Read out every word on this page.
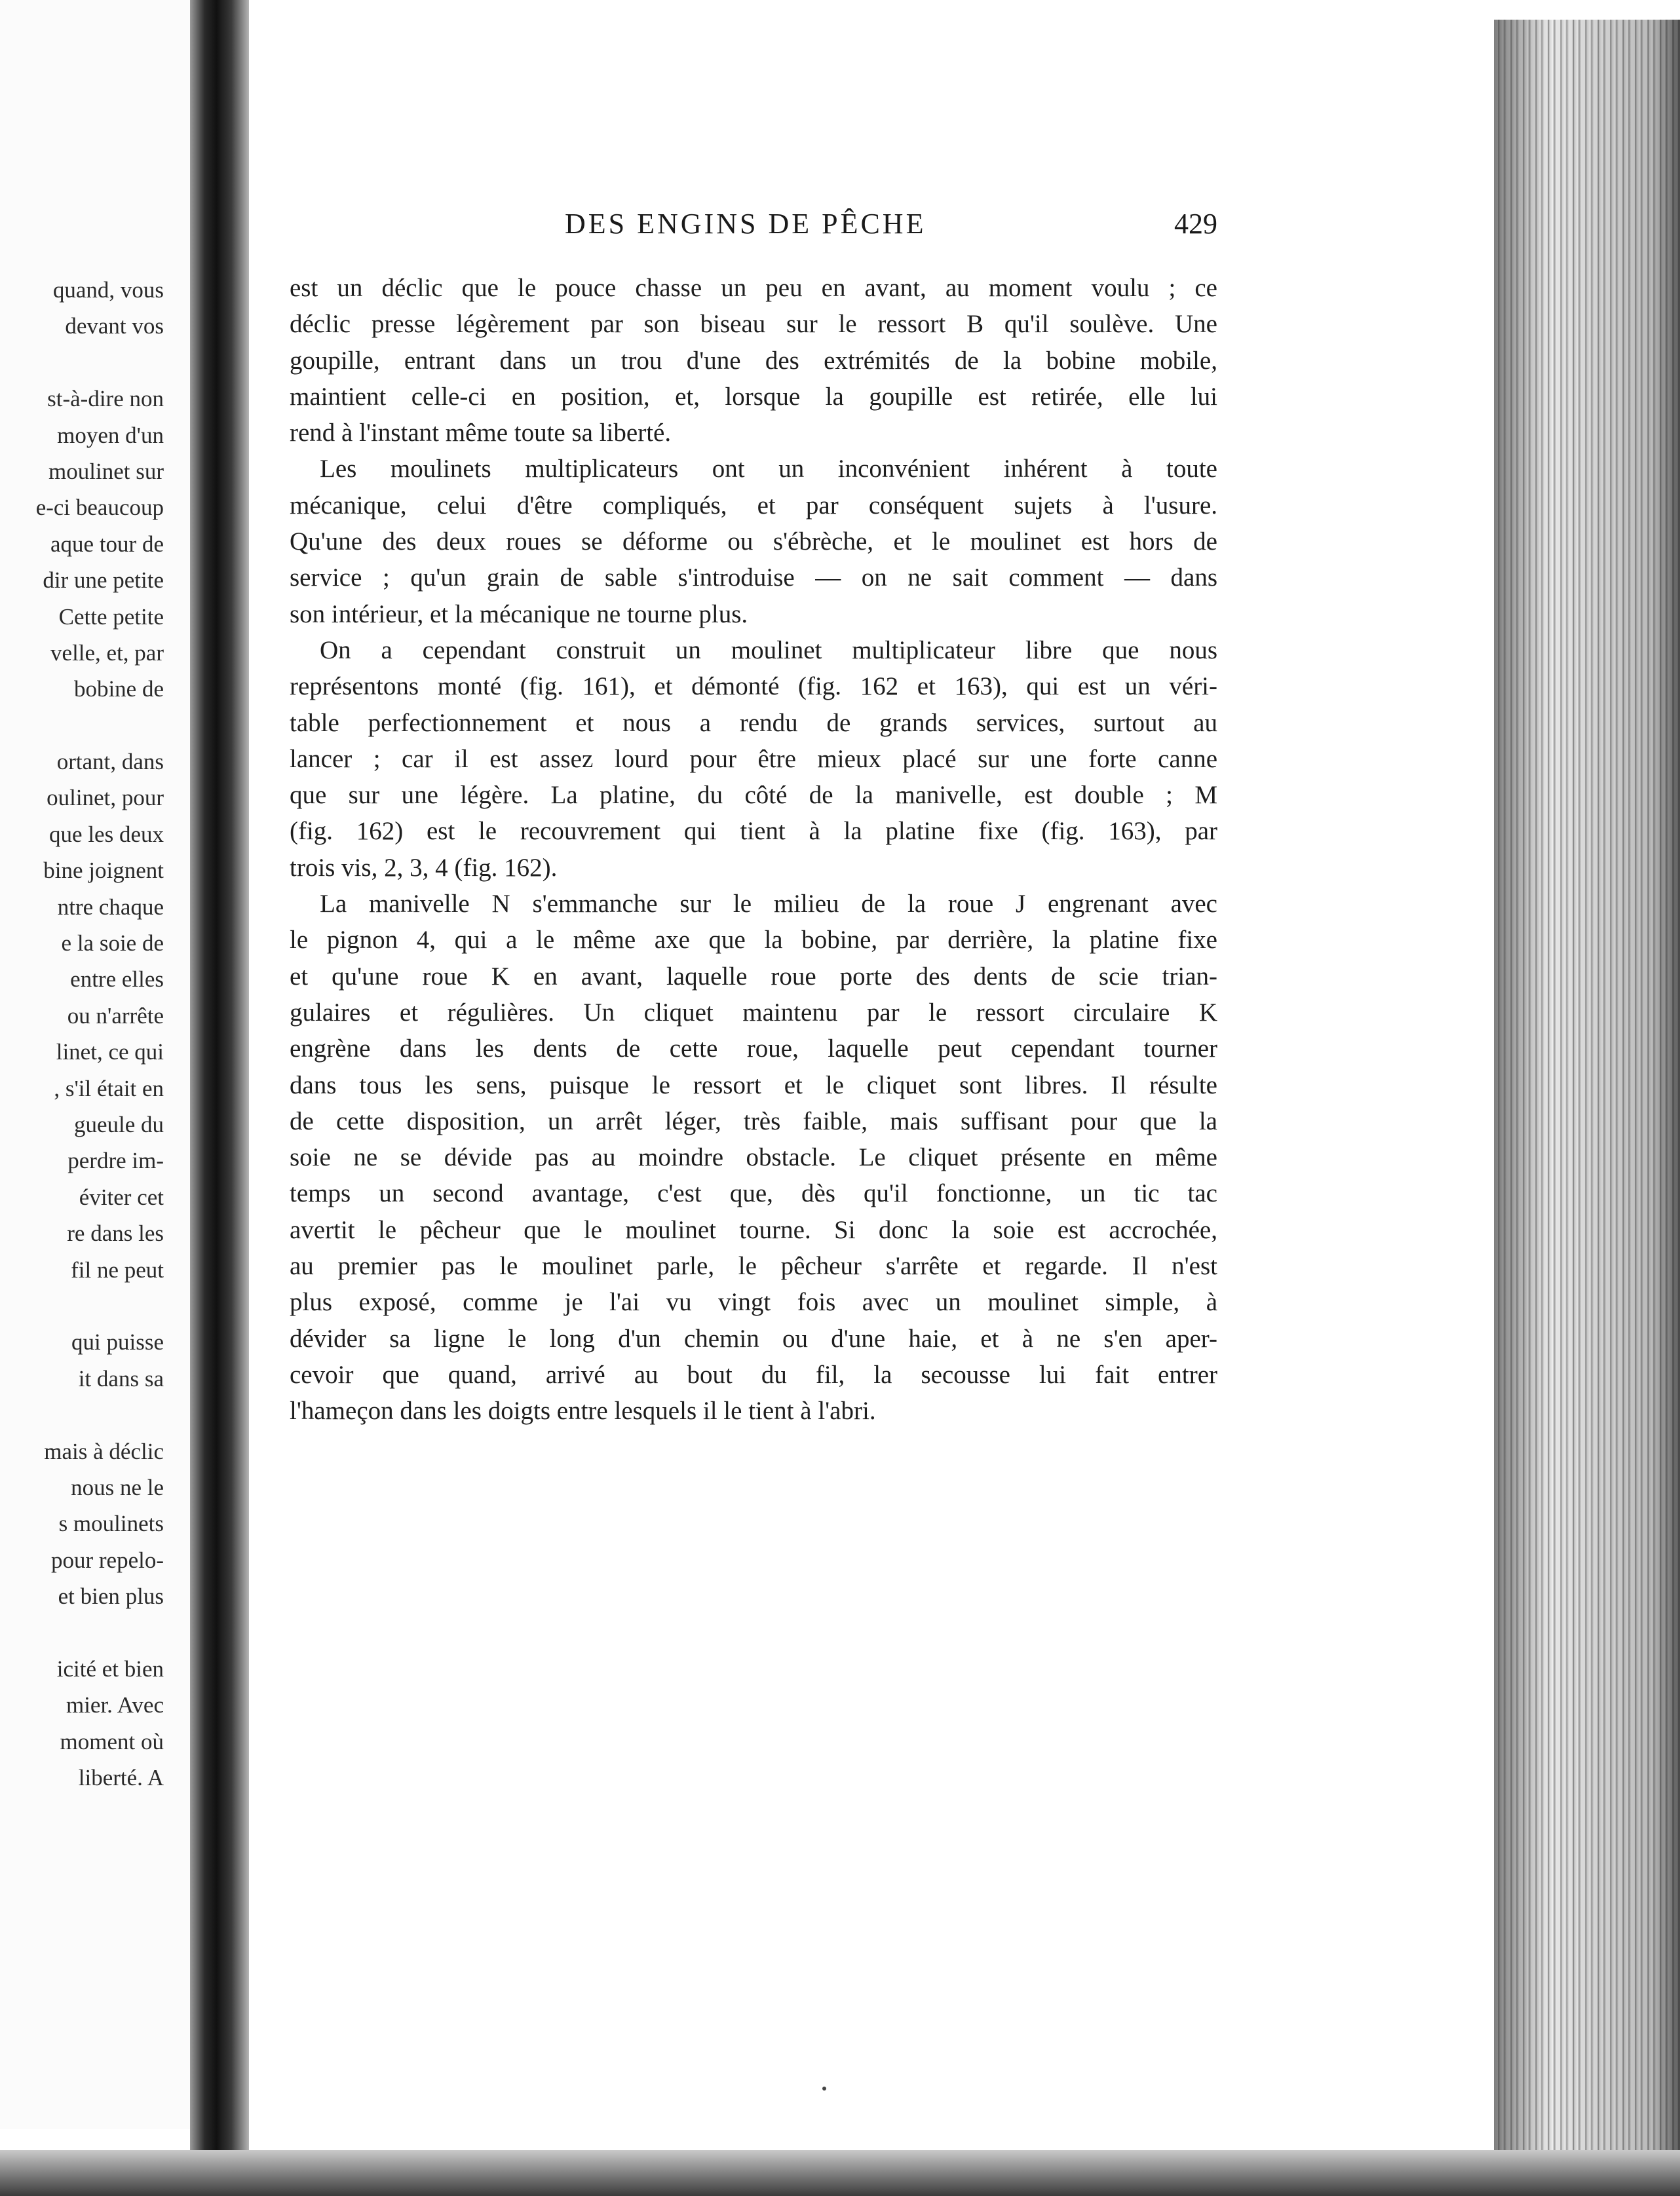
quand, vous
devant vos
st-à-dire non
moyen d'un
moulinet sur
e-ci beaucoup
aque tour de
dir une petite
Cette petite
velle, et, par
bobine de
ortant, dans
oulinet, pour
que les deux
bine joignent
ntre chaque
e la soie de
entre elles
ou n'arrête
linet, ce qui
, s'il était en
gueule du
perdre im-
éviter cet
re dans les
fil ne peut
qui puisse
it dans sa
mais à déclic
nous ne le
s moulinets
pour repelo-
et bien plus
icité et bien
mier. Avec
moment où
liberté. A
DES ENGINS DE PÊCHE	429
est un déclic que le pouce chasse un peu en avant, au moment voulu ; ce
déclic presse légèrement par son biseau sur le ressort B qu'il soulève. Une
goupille, entrant dans un trou d'une des extrémités de la bobine mobile,
maintient celle-ci en position, et, lorsque la goupille est retirée, elle lui
rend à l'instant même toute sa liberté.
Les moulinets multiplicateurs ont un inconvénient inhérent à toute
mécanique, celui d'être compliqués, et par conséquent sujets à l'usure.
Qu'une des deux roues se déforme ou s'ébrèche, et le moulinet est hors de
service ; qu'un grain de sable s'introduise — on ne sait comment — dans
son intérieur, et la mécanique ne tourne plus.
On a cependant construit un moulinet multiplicateur libre que nous
représentons monté (fig. 161), et démonté (fig. 162 et 163), qui est un véri-
table perfectionnement et nous a rendu de grands services, surtout au
lancer ; car il est assez lourd pour être mieux placé sur une forte canne
que sur une légère. La platine, du côté de la manivelle, est double ; M
(fig. 162) est le recouvrement qui tient à la platine fixe (fig. 163), par
trois vis, 2, 3, 4 (fig. 162).
La manivelle N s'emmanche sur le milieu de la roue J engrenant avec
le pignon 4, qui a le même axe que la bobine, par derrière, la platine fixe
et qu'une roue K en avant, laquelle roue porte des dents de scie trian-
gulaires et régulières. Un cliquet maintenu par le ressort circulaire K
engrène dans les dents de cette roue, laquelle peut cependant tourner
dans tous les sens, puisque le ressort et le cliquet sont libres. Il résulte
de cette disposition, un arrêt léger, très faible, mais suffisant pour que la
soie ne se dévide pas au moindre obstacle. Le cliquet présente en même
temps un second avantage, c'est que, dès qu'il fonctionne, un tic tac
avertit le pêcheur que le moulinet tourne. Si donc la soie est accrochée,
au premier pas le moulinet parle, le pêcheur s'arrête et regarde. Il n'est
plus exposé, comme je l'ai vu vingt fois avec un moulinet simple, à
dévider sa ligne le long d'un chemin ou d'une haie, et à ne s'en aper-
cevoir que quand, arrivé au bout du fil, la secousse lui fait entrer
l'hameçon dans les doigts entre lesquels il le tient à l'abri.
